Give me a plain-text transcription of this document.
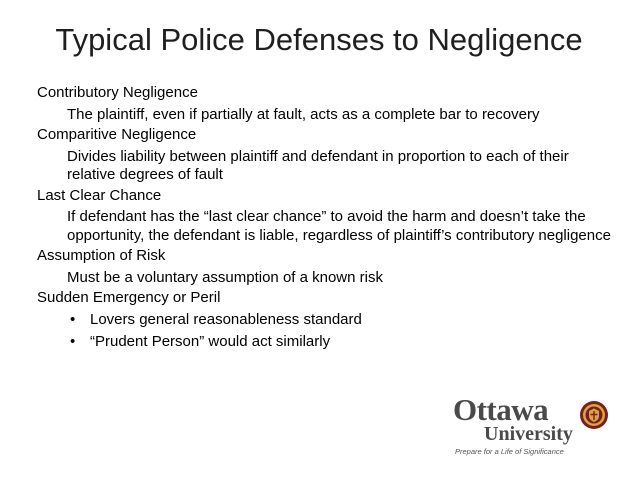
Typical Police Defenses to Negligence

Contributory Negligence

The plaintiff, even if partially at fault, acts as a complete bar to recovery

Comparitive Negligence

Divides liability between plaintiff and defendant in proportion to each of their relative degrees of fault

Last Clear Chance

If defendant has the “last clear chance” to avoid the harm and doesn’t take the opportunity, the defendant is liable, regardless of plaintiff’s contributory negligence

Assumption of Risk

Must be a voluntary assumption of a known risk

Sudden Emergency or Peril

• Lovers general reasonableness standard
• “Prudent Person” would act similarly
Ottawa
University
Prepare for a Life of Significance
